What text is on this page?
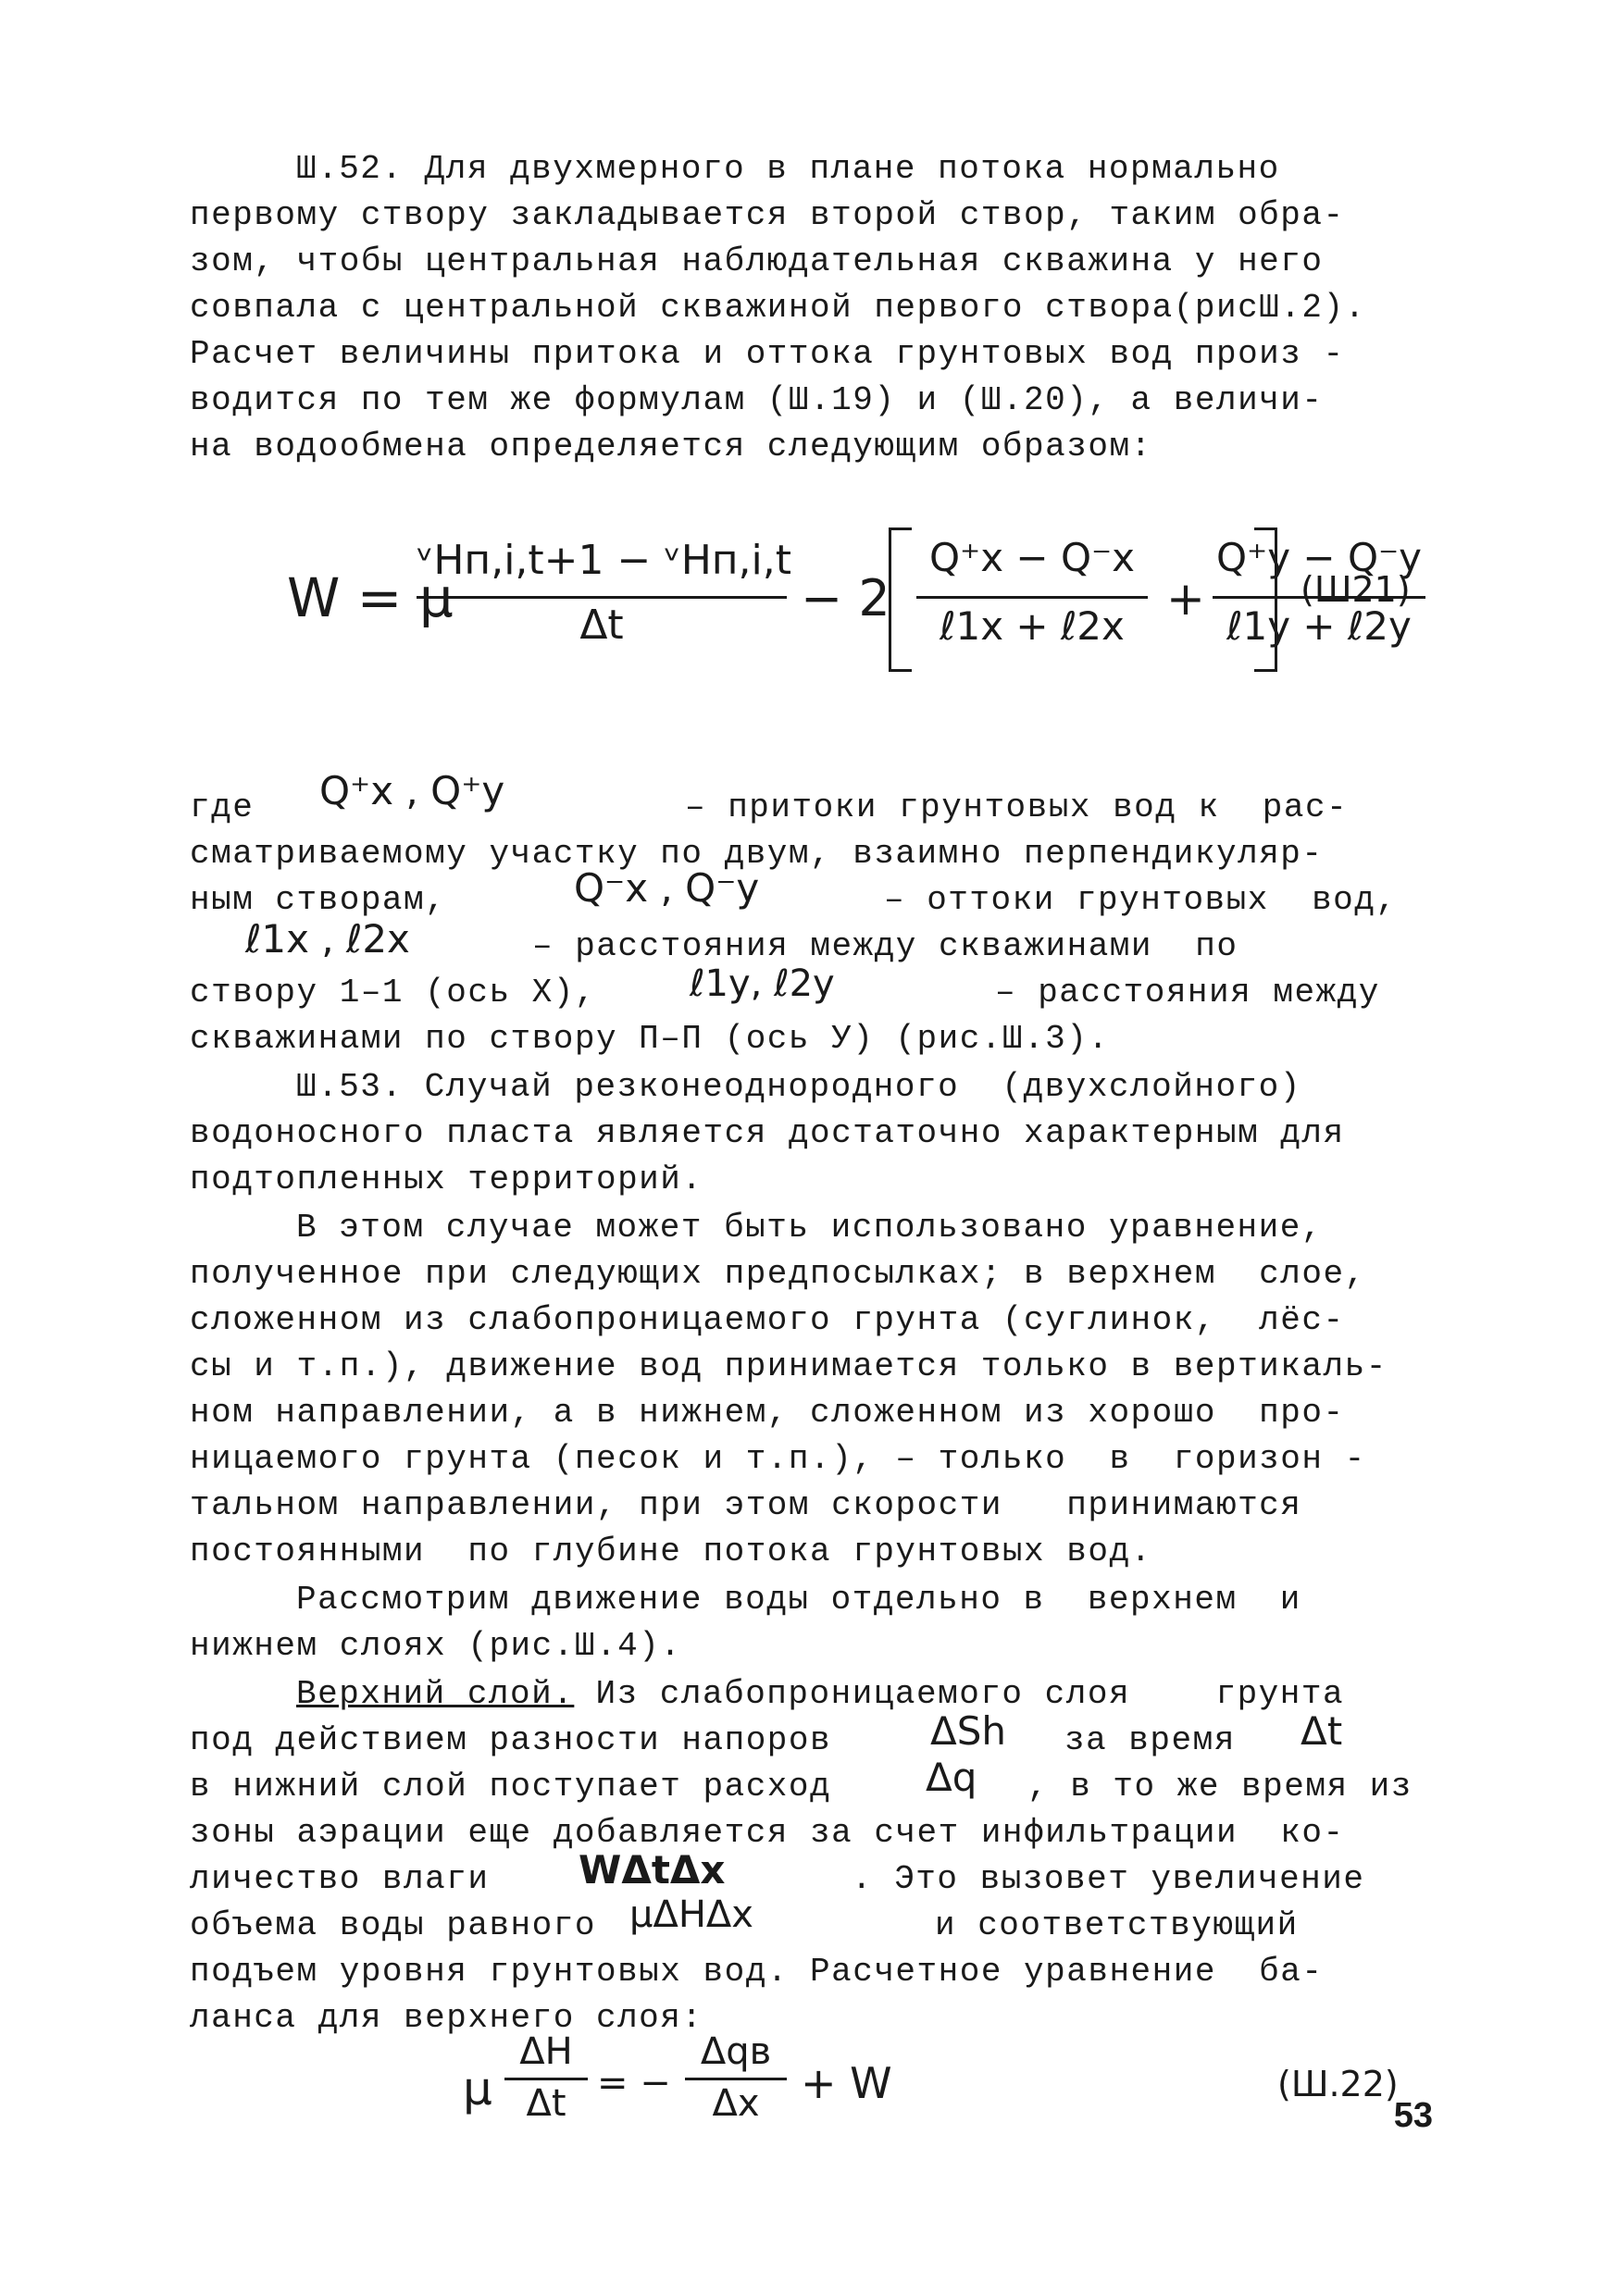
Ш.52. Для двухмерного в плане потока нормально
первому створу закладывается второй створ, таким обра-
зом, чтобы центральная наблюдательная скважина у него
совпала с центральной скважиной первого створа(рисШ.2).
Расчет величины притока и оттока грунтовых вод произ -
водится по тем же формулам (Ш.19) и (Ш.20), а величи-
на водообмена определяется следующим образом:
W = μ
ᵛHп,i,t+1 − ᵛHп,i,t
Δt	− 2
Q⁺x − Q⁻x
ℓ1x + ℓ2x
+
Q⁺y − Q⁻y
ℓ1y + ℓ2y
(Ш21)
где Q⁺x , Q⁺y	– притоки грунтовых вод к  рас-
сматриваемому участку по двум, взаимно перпендикуляр-
ным створам,	Q⁻x , Q⁻y	– оттоки грунтовых  вод,
ℓ1x , ℓ2x	– расстояния между скважинами  по
створу 1–1 (ось Х),	ℓ1y, ℓ2y	– расстояния между
скважинами по створу П–П (ось У) (рис.Ш.3).
Ш.53. Случай резконеоднородного  (двухслойного)
водоносного пласта является достаточно характерным для
подтопленных территорий.
В этом случае может быть использовано уравнение,
полученное при следующих предпосылках; в верхнем  слое,
сложенном из слабопроницаемого грунта (суглинок,  лёс-
сы и т.п.), движение вод принимается только в вертикаль-
ном направлении, а в нижнем, сложенном из хорошо  про-
ницаемого грунта (песок и т.п.), – только  в  горизон -
тальном направлении, при этом скорости   принимаются
постоянными  по глубине потока грунтовых вод.
Рассмотрим движение воды отдельно в  верхнем  и
нижнем слоях (рис.Ш.4).
Верхний слой. Из слабопроницаемого слоя    грунта
под действием разности напоров	ΔSh за время Δt
в нижний слой поступает расход Δq , в то же время из
зоны аэрации еще добавляется за счет инфильтрации  ко-
личество влаги WΔtΔx	. Это вызовет увеличение
объема воды равного μΔHΔx	и соответствующий
подъем уровня грунтовых вод. Расчетное уравнение  ба-
ланса для верхнего слоя:
μ
ΔH
Δt = −
Δqв
Δx + W	(Ш.22)
53
